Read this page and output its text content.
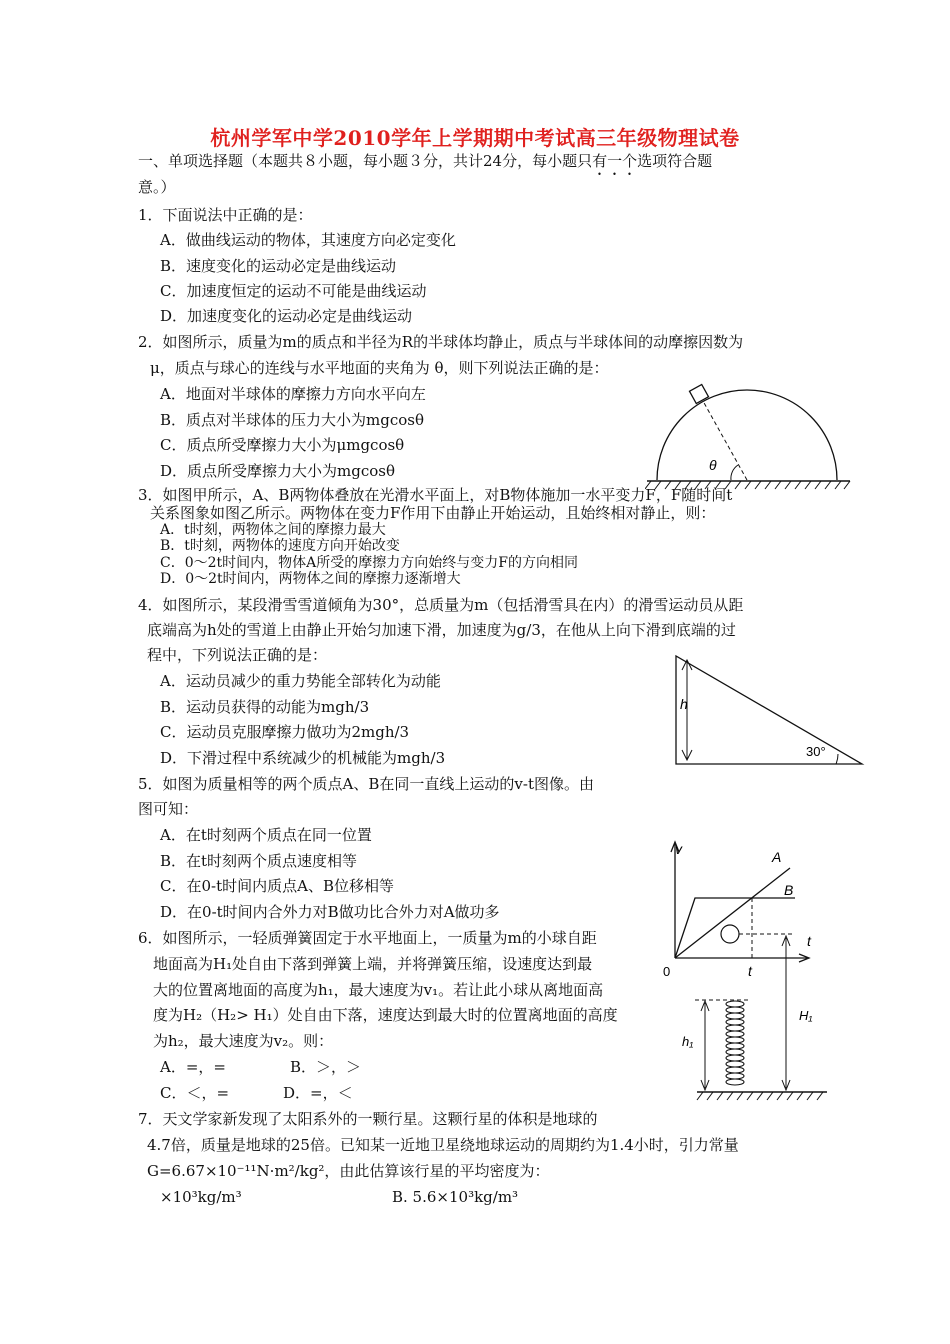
杭州学军中学2010学年上学期期中考试高三年级物理试卷
一、单项选择题（本题共８小题，每小题３分，共计24分，每小题只有一个选项符合题
意。）
1．下面说法中正确的是：
A．做曲线运动的物体，其速度方向必定变化
B．速度变化的运动必定是曲线运动
C．加速度恒定的运动不可能是曲线运动
D．加速度变化的运动必定是曲线运动
2．如图所示，质量为m的质点和半径为R的半球体均静止，质点与半球体间的动摩擦因数为
μ，质点与球心的连线与水平地面的夹角为 θ，则下列说法正确的是：
A．地面对半球体的摩擦力方向水平向左
B．质点对半球体的压力大小为mgcosθ
C．质点所受摩擦力大小为μmgcosθ
D．质点所受摩擦力大小为mgcosθ	θ
3．如图甲所示，A、B两物体叠放在光滑水平面上，对B物体施加一水平变力F，F随时间t
关系图象如图乙所示。两物体在变力F作用下由静止开始运动，且始终相对静止，则：
A．t时刻，两物体之间的摩擦力最大
B．t时刻，两物体的速度方向开始改变
C．0～2t时间内，物体A所受的摩擦力方向始终与变力F的方向相同
D．0～2t时间内，两物体之间的摩擦力逐渐增大
4．如图所示，某段滑雪雪道倾角为30°，总质量为m（包括滑雪具在内）的滑雪运动员从距
底端高为h处的雪道上由静止开始匀加速下滑，加速度为g/3，在他从上向下滑到底端的过
程中，下列说法正确的是：
A．运动员减少的重力势能全部转化为动能
B．运动员获得的动能为mgh/3
C．运动员克服摩擦力做功为2mgh/3
D．下滑过程中系统减少的机械能为mgh/3
h
30°
5．如图为质量相等的两个质点A、B在同一直线上运动的v-t图像。由
图可知：
A．在t时刻两个质点在同一位置
B．在t时刻两个质点速度相等
C．在0-t时间内质点A、B位移相等
D．在0-t时间内合外力对B做功比合外力对A做功多
6．如图所示，一轻质弹簧固定于水平地面上，一质量为m的小球自距
地面高为H₁处自由下落到弹簧上端，并将弹簧压缩，设速度达到最
大的位置离地面的高度为h₁，最大速度为v₁。若让此小球从离地面高
度为H₂（H₂> H₁）处自由下落，速度达到最大时的位置离地面的高度
为h₂，最大速度为v₂。则：
A．=，=	B．＞，＞
C．＜，=	D．=，＜
v
t
0	t
A
B
H₁
h₁
7．天文学家新发现了太阳系外的一颗行星。这颗行星的体积是地球的
4.7倍，质量是地球的25倍。已知某一近地卫星绕地球运动的周期约为1.4小时，引力常量
G=6.67×10⁻¹¹N·m²/kg²，由此估算该行星的平均密度为：
×10³kg/m³	B. 5.6×10³kg/m³
